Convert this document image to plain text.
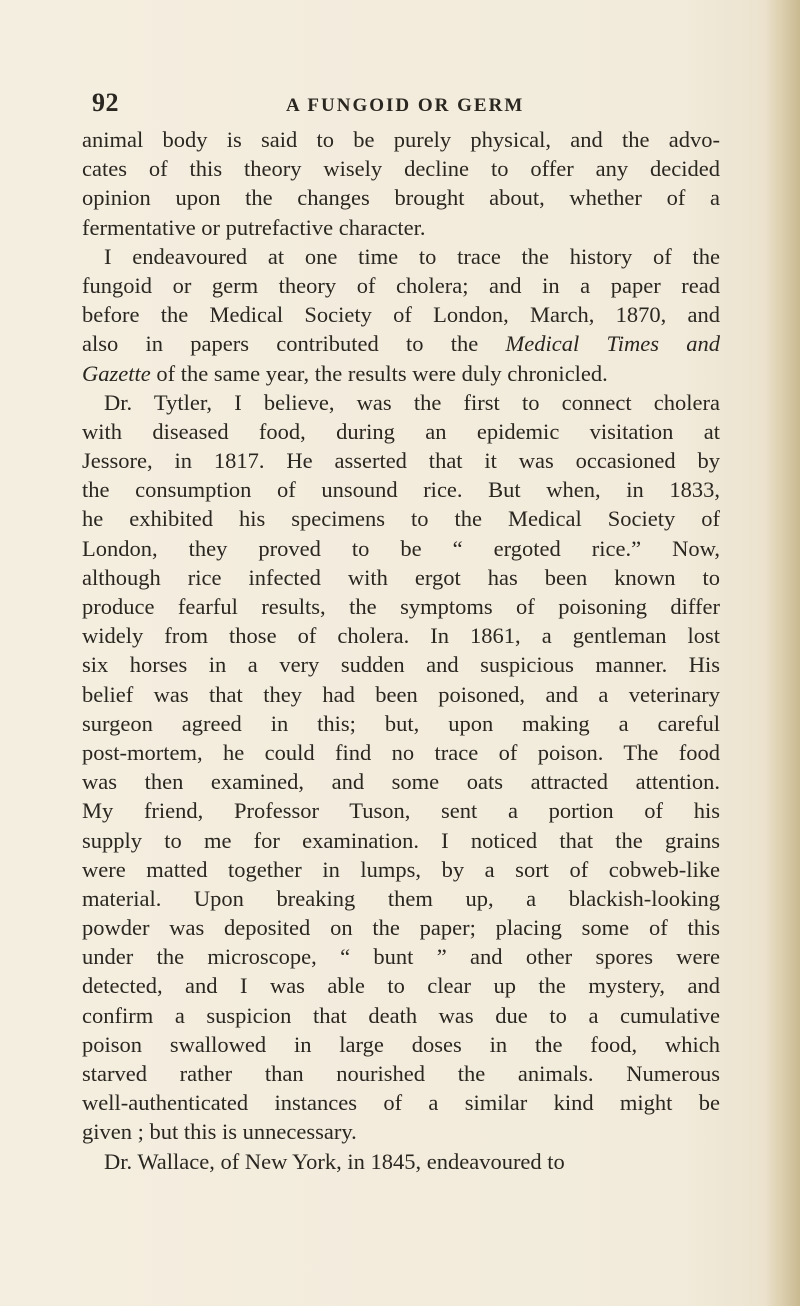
92	A FUNGOID OR GERM

animal body is said to be purely physical, and the advo-

cates of this theory wisely decline to offer any decided

opinion upon the changes brought about, whether of a

fermentative or putrefactive character.

I endeavoured at one time to trace the history of the

fungoid or germ theory of cholera; and in a paper read

before the Medical Society of London, March, 1870, and

also in papers contributed to the Medical Times and

Gazette of the same year, the results were duly chronicled.

Dr. Tytler, I believe, was the first to connect cholera

with diseased food, during an epidemic visitation at

Jessore, in 1817. He asserted that it was occasioned by

the consumption of unsound rice. But when, in 1833,

he exhibited his specimens to the Medical Society of

London, they proved to be “ ergoted rice.” Now,

although rice infected with ergot has been known to

produce fearful results, the symptoms of poisoning differ

widely from those of cholera. In 1861, a gentleman lost

six horses in a very sudden and suspicious manner. His

belief was that they had been poisoned, and a veterinary

surgeon agreed in this; but, upon making a careful

post-mortem, he could find no trace of poison. The food

was then examined, and some oats attracted attention.

My friend, Professor Tuson, sent a portion of his

supply to me for examination. I noticed that the grains

were matted together in lumps, by a sort of cobweb-like

material. Upon breaking them up, a blackish-looking

powder was deposited on the paper; placing some of this

under the microscope, “ bunt ” and other spores were

detected, and I was able to clear up the mystery, and

confirm a suspicion that death was due to a cumulative

poison swallowed in large doses in the food, which

starved rather than nourished the animals. Numerous

well-authenticated instances of a similar kind might be

given ; but this is unnecessary.

Dr. Wallace, of New York, in 1845, endeavoured to
